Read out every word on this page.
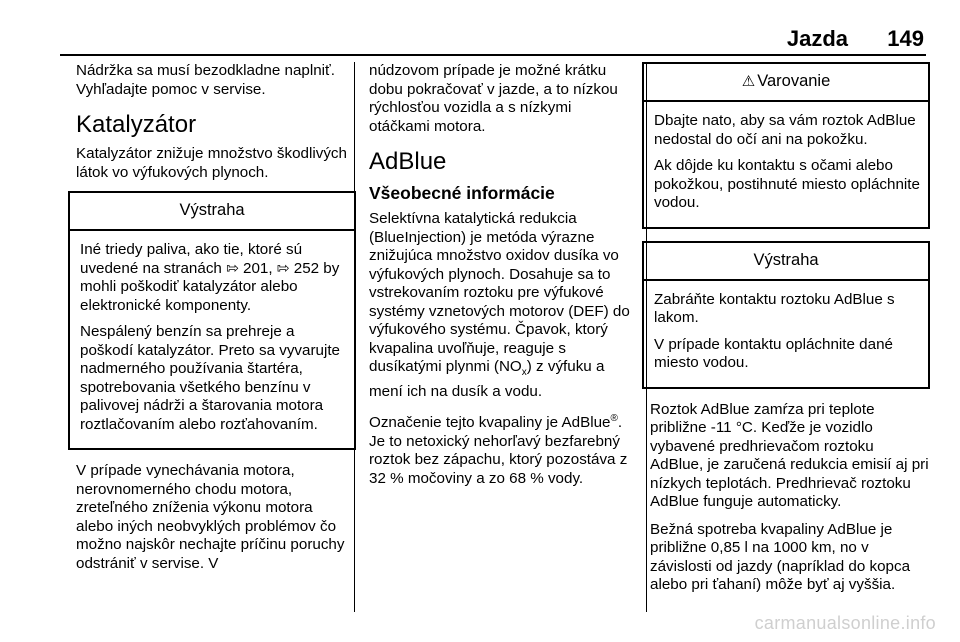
Jazda 149

Nádržka sa musí bezodkladne naplniť. Vyhľadajte pomoc v servise.

Katalyzátor

Katalyzátor znižuje množstvo škodlivých látok vo výfukových plynoch.

Výstraha

Iné triedy paliva, ako tie, ktoré sú uvedené na stranách ⇰ 201, ⇰ 252 by mohli poškodiť katalyzátor alebo elektronické komponenty.

Nespálený benzín sa prehreje a poškodí katalyzátor. Preto sa vyvarujte nadmerného používania štartéra, spotrebovania všetkého benzínu v palivovej nádrži a štarovania motora roztlačovaním alebo rozťahovaním.

V prípade vynechávania motora, nerovnomerného chodu motora, zreteľného zníženia výkonu motora alebo iných neobvyklých problémov čo možno najskôr nechajte príčinu poruchy odstrániť v servise. V

núdzovom prípade je možné krátku dobu pokračovať v jazde, a to nízkou rýchlosťou vozidla a s nízkymi otáčkami motora.

AdBlue
Všeobecné informácie

Selektívna katalytická redukcia (BlueInjection) je metóda výrazne znižujúca množstvo oxidov dusíka vo výfukových plynoch. Dosahuje sa to vstrekovaním roztoku pre výfukové systémy vznetových motorov (DEF) do výfukového systému. Čpavok, ktorý kvapalina uvoľňuje, reaguje s dusíkatými plynmi $(NO_x)$ z výfuku a mení ich na dusík a vodu.

Označenie tejto kvapaliny je AdBlue®. Je to netoxický nehorľavý bezfarebný roztok bez zápachu, ktorý pozostáva z 32 % močoviny a zo 68 % vody.

⚠ Varovanie

Dbajte nato, aby sa vám roztok AdBlue nedostal do očí ani na pokožku.

Ak dôjde ku kontaktu s očami alebo pokožkou, postihnuté miesto opláchnite vodou.

Výstraha

Zabráňte kontaktu roztoku AdBlue s lakom.

V prípade kontaktu opláchnite dané miesto vodou.

Roztok AdBlue zamŕza pri teplote približne -11 °C. Keďže je vozidlo vybavené predhrievačom roztoku AdBlue, je zaručená redukcia emisií aj pri nízkych teplotách. Predhrievač roztoku AdBlue funguje automaticky.

Bežná spotreba kvapaliny AdBlue je približne 0,85 l na 1000 km, no v závislosti od jazdy (napríklad do kopca alebo pri ťahaní) môže byť aj vyššia.

carmanualsonline.info
